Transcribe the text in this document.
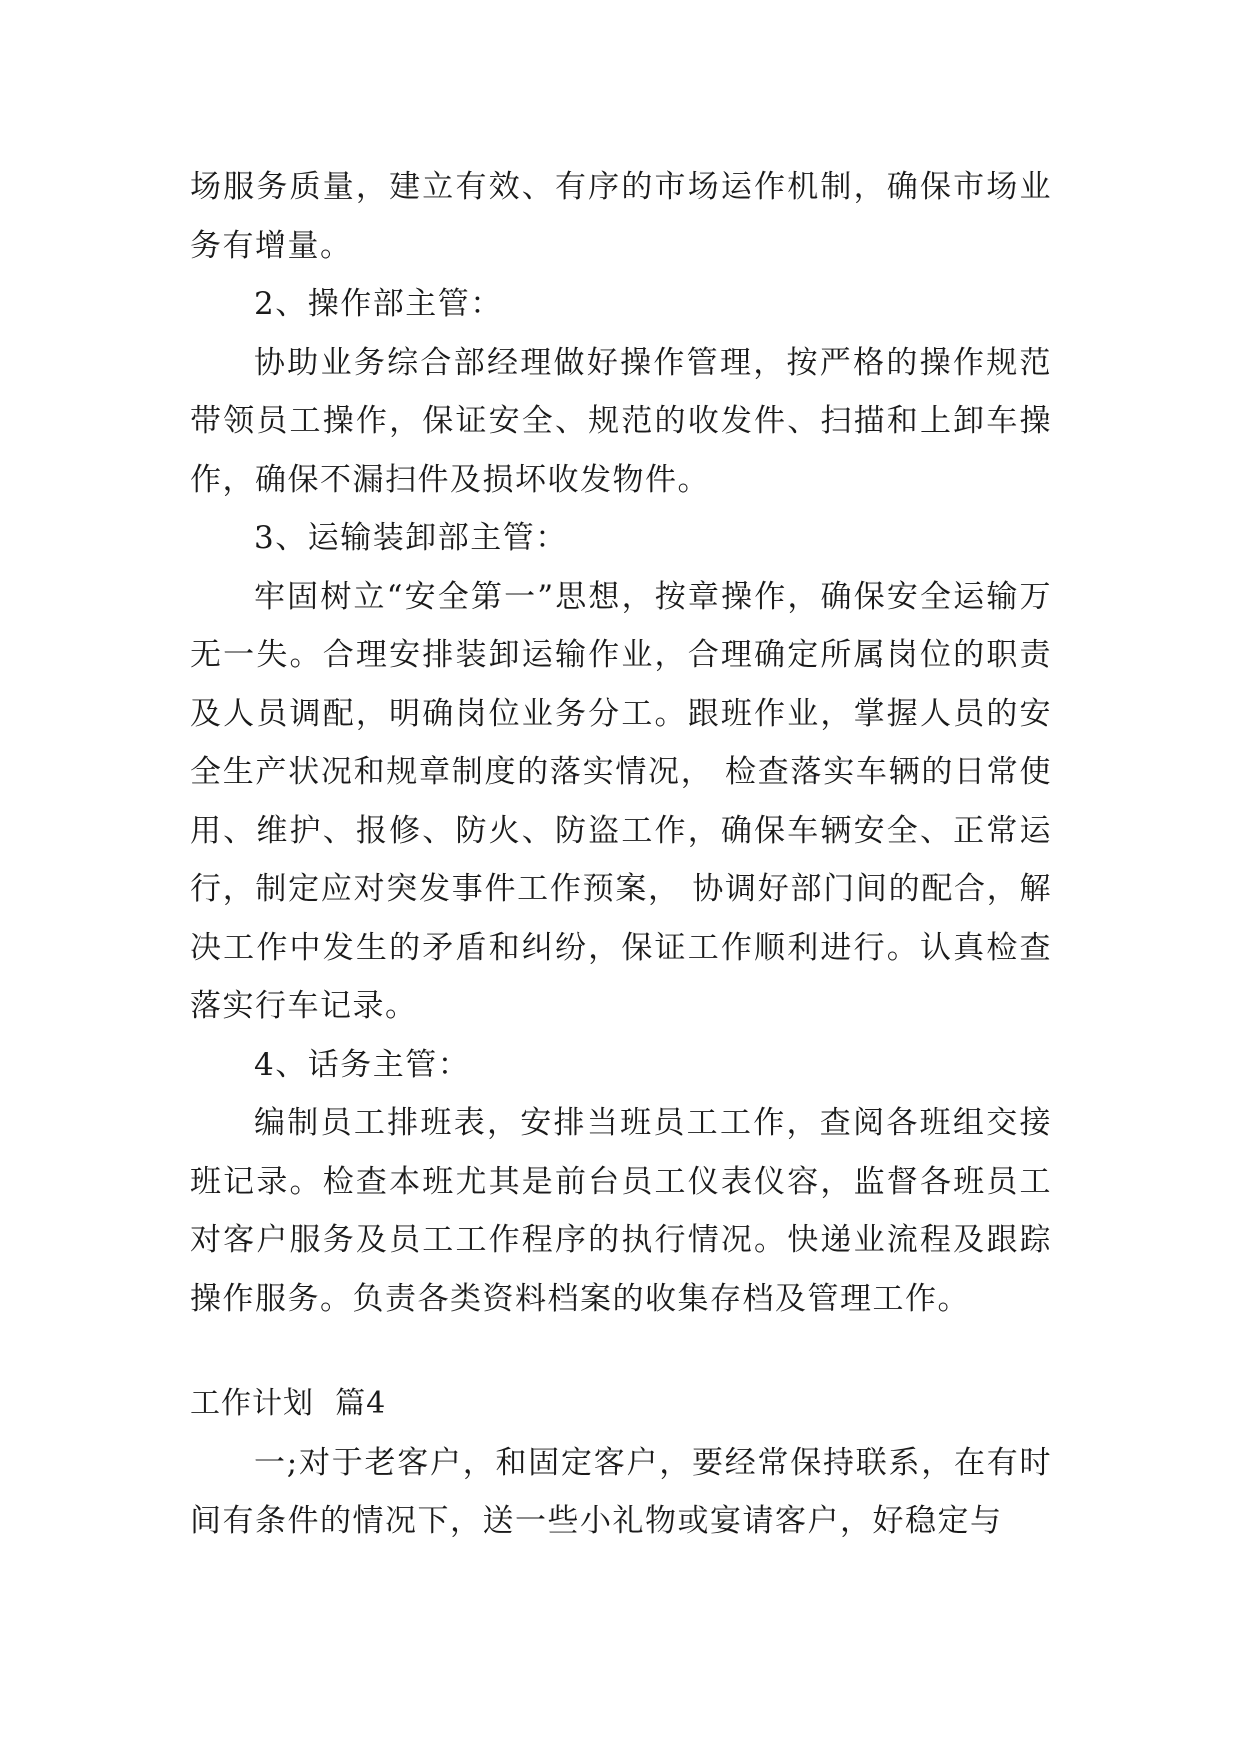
场服务质量，建立有效、有序的市场运作机制，确保市场业务有增量。

2、操作部主管：

协助业务综合部经理做好操作管理，按严格的操作规范带领员工操作，保证安全、规范的收发件、扫描和上卸车操作，确保不漏扫件及损坏收发物件。

3、运输装卸部主管：

牢固树立“安全第一”思想，按章操作，确保安全运输万无一失。合理安排装卸运输作业，合理确定所属岗位的职责及人员调配，明确岗位业务分工。跟班作业，掌握人员的安全生产状况和规章制度的落实情况， 检查落实车辆的日常使用、维护、报修、防火、防盗工作，确保车辆安全、正常运行，制定应对突发事件工作预案， 协调好部门间的配合，解决工作中发生的矛盾和纠纷，保证工作顺利进行。认真检查落实行车记录。

4、话务主管：

编制员工排班表，安排当班员工工作，查阅各班组交接班记录。检查本班尤其是前台员工仪表仪容，监督各班员工对客户服务及员工工作程序的执行情况。快递业流程及跟踪操作服务。负责各类资料档案的收集存档及管理工作。

工作计划  篇4

一;对于老客户，和固定客户，要经常保持联系，在有时间有条件的情况下，送一些小礼物或宴请客户，好稳定与
